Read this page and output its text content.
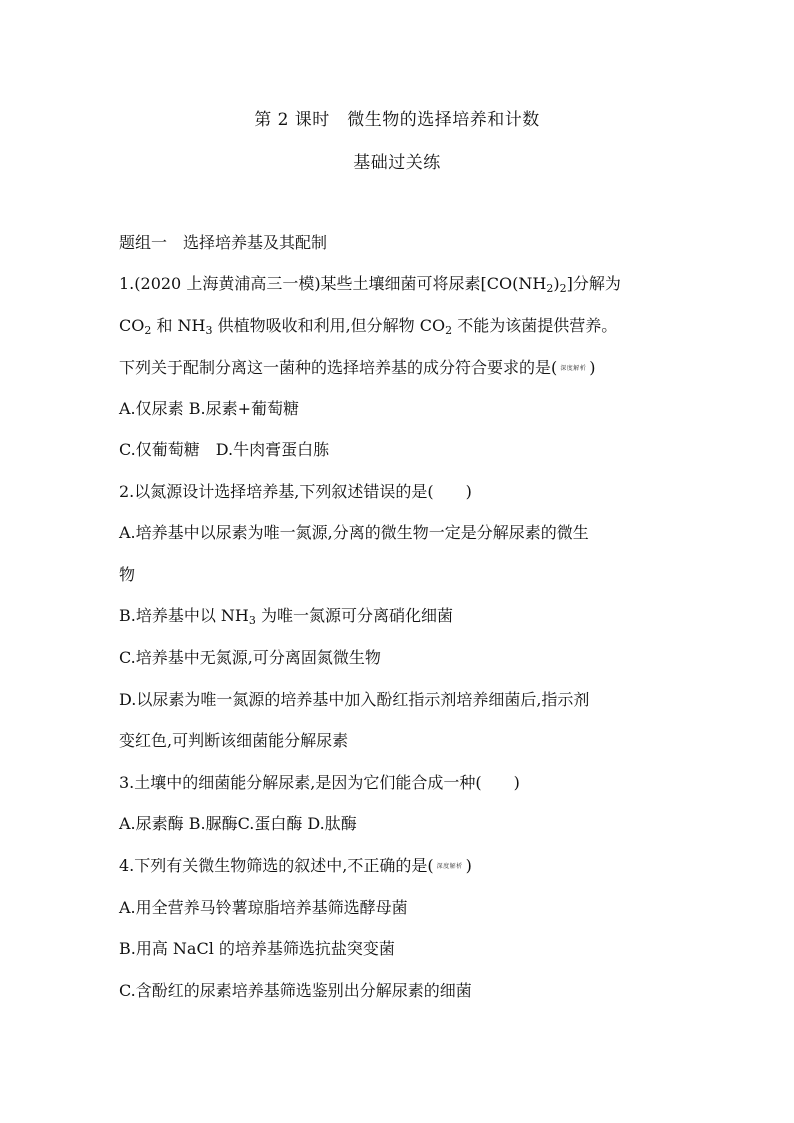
第 2 课时　微生物的选择培养和计数
基础过关练
题组一　选择培养基及其配制
1.(2020 上海黄浦高三一模)某些土壤细菌可将尿素$[CO(NH_2)_2]$分解为
$CO_2$ 和 $NH_3$ 供植物吸收和利用,但分解物 $CO_2$ 不能为该菌提供营养。
下列关于配制分离这一菌种的选择培养基的成分符合要求的是( 深度解析 )
A.仅尿素 B.尿素+葡萄糖
C.仅葡萄糖　D.牛肉膏蛋白胨
2.以氮源设计选择培养基,下列叙述错误的是(　　)
A.培养基中以尿素为唯一氮源,分离的微生物一定是分解尿素的微生
物
B.培养基中以 $NH_3$ 为唯一氮源可分离硝化细菌
C.培养基中无氮源,可分离固氮微生物
D.以尿素为唯一氮源的培养基中加入酚红指示剂培养细菌后,指示剂
变红色,可判断该细菌能分解尿素
3.土壤中的细菌能分解尿素,是因为它们能合成一种(　　)
A.尿素酶 B.脲酶C.蛋白酶 D.肽酶
4.下列有关微生物筛选的叙述中,不正确的是( 深度解析 )
A.用全营养马铃薯琼脂培养基筛选酵母菌
B.用高 NaCl 的培养基筛选抗盐突变菌
C.含酚红的尿素培养基筛选鉴别出分解尿素的细菌
